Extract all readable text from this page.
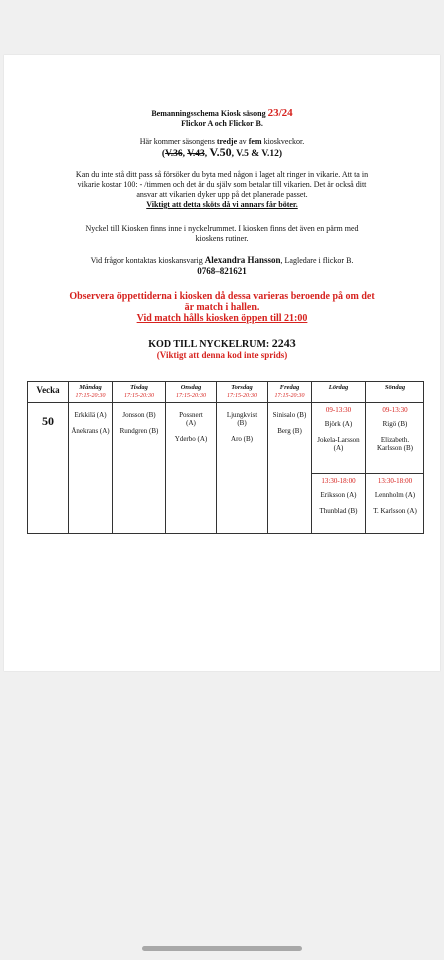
Bemanningsschema Kiosk säsong 23/24
Flickor A och Flickor B.

Här kommer säsongens tredje av fem kioskveckor.
(V.36, V.43, V.50, V.5 & V.12)

Kan du inte stå ditt pass så försöker du byta med någon i laget alt ringer in vikarie. Att ta in
vikarie kostar 100: - /timmen och det är du själv som betalar till vikarien. Det är också ditt
ansvar att vikarien dyker upp på det planerade passet.
Viktigt att detta sköts då vi annars får böter.

Nyckel till Kiosken finns inne i nyckelrummet. I kiosken finns det även en pärm med
kioskens rutiner.

Vid frågor kontaktas kioskansvarig Alexandra Hansson, Lagledare i flickor B.
0768–821621

Observera öppettiderna i kiosken då dessa varieras beroende på om det
är match i hallen.
Vid match hålls kiosken öppen till 21:00

KOD TILL NYCKELRUM: 2243
(Viktigt att denna kod inte sprids)

Vecka
50
Måndag
17:15-20:30

Erkkilä (A)

Ånekrans (A)

Tisdag
17:15-20:30

Jonsson (B)

Rundgren (B)

Onsdag
17:15-20:30

Possnert (A)

Yderbo (A)

Torsdag
17:15-20:30

Ljungkvist (B)

Aro (B)

Fredag
17:15-20:30

Sinisalo (B)

Berg (B)

Lördag
09-13:30

Björk (A)

Jokela-Larsson (A)

13:30-18:00

Eriksson (A)

Thunblad (B)

Söndag
09-13:30

Rigö (B)

Elizabeth. Karlsson (B)

13:30-18:00

Lennholm (A)

T. Karlsson (A)
